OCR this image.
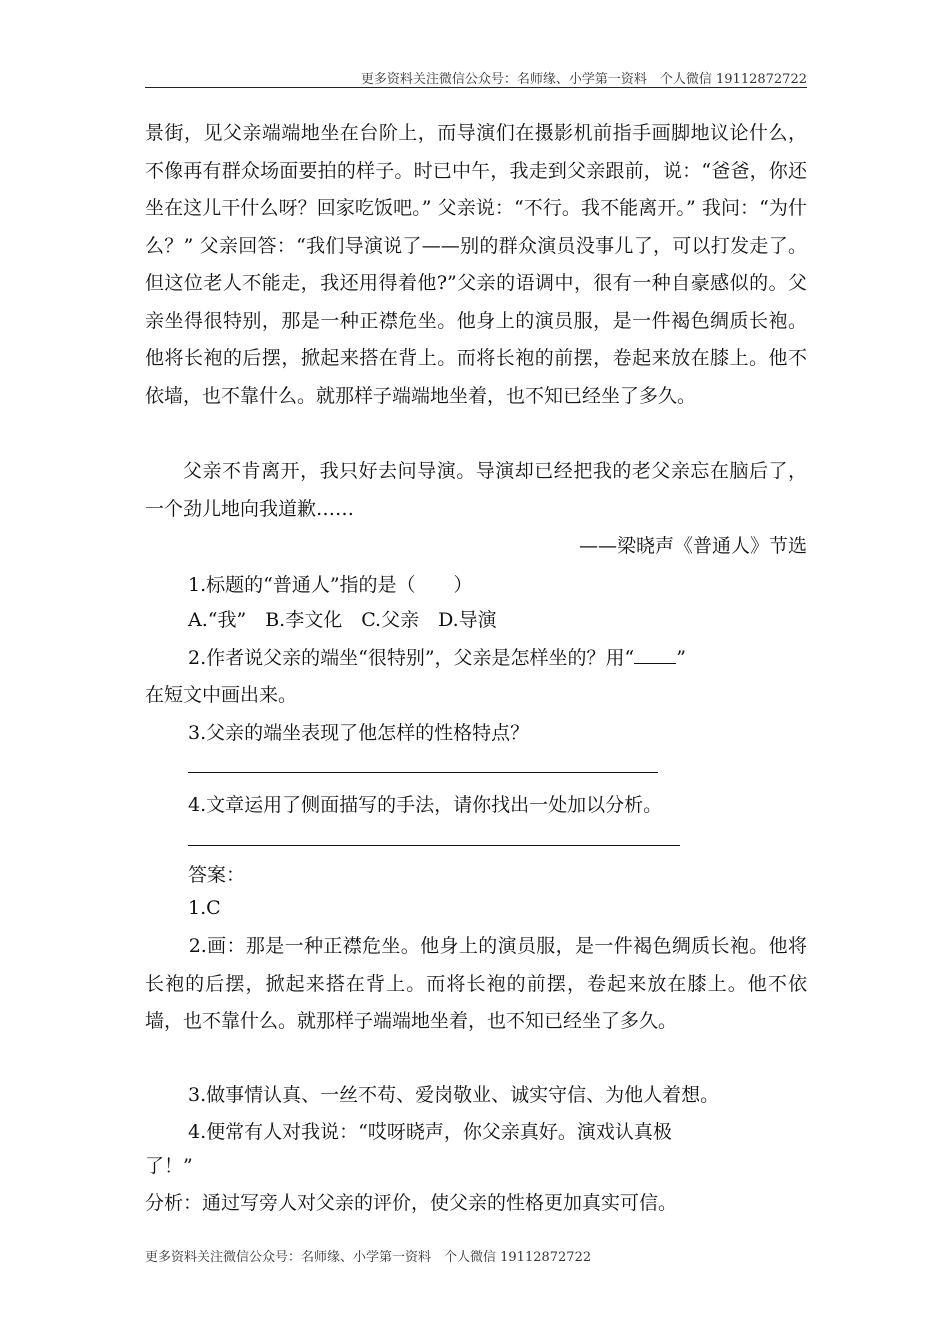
更多资料关注微信公众号：名师缘、小学第一资料　个人微信 19112872722
景街，见父亲端端地坐在台阶上，而导演们在摄影机前指手画脚地议论什么，不像再有群众场面要拍的样子。时已中午，我走到父亲跟前，说：“爸爸，你还坐在这儿干什么呀？回家吃饭吧。” 父亲说：“不行。我不能离开。” 我问：“为什么？” 父亲回答：“我们导演说了——别的群众演员没事儿了，可以打发走了。但这位老人不能走，我还用得着他?”父亲的语调中，很有一种自豪感似的。父亲坐得很特别，那是一种正襟危坐。他身上的演员服，是一件褐色绸质长袍。他将长袍的后摆，掀起来搭在背上。而将长袍的前摆，卷起来放在膝上。他不依墙，也不靠什么。就那样子端端地坐着，也不知已经坐了多久。
父亲不肯离开，我只好去问导演。导演却已经把我的老父亲忘在脑后了，一个劲儿地向我道歉……
——梁晓声《普通人》节选
1.标题的“普通人”指的是（　　）
A.“我”　B.李文化　C.父亲　D.导演
2.作者说父亲的端坐“很特别”，父亲是怎样坐的？用“ ”
在短文中画出来。
3.父亲的端坐表现了他怎样的性格特点？
4.文章运用了侧面描写的手法，请你找出一处加以分析。
答案：
1.C
2.画：那是一种正襟危坐。他身上的演员服，是一件褐色绸质长袍。他将长袍的后摆，掀起来搭在背上。而将长袍的前摆，卷起来放在膝上。他不依墙，也不靠什么。就那样子端端地坐着，也不知已经坐了多久。
3.做事情认真、一丝不苟、爱岗敬业、诚实守信、为他人着想。
4.便常有人对我说：“哎呀晓声，你父亲真好。演戏认真极
了！”
分析：通过写旁人对父亲的评价，使父亲的性格更加真实可信。
更多资料关注微信公众号：名师缘、小学第一资料　个人微信 19112872722
